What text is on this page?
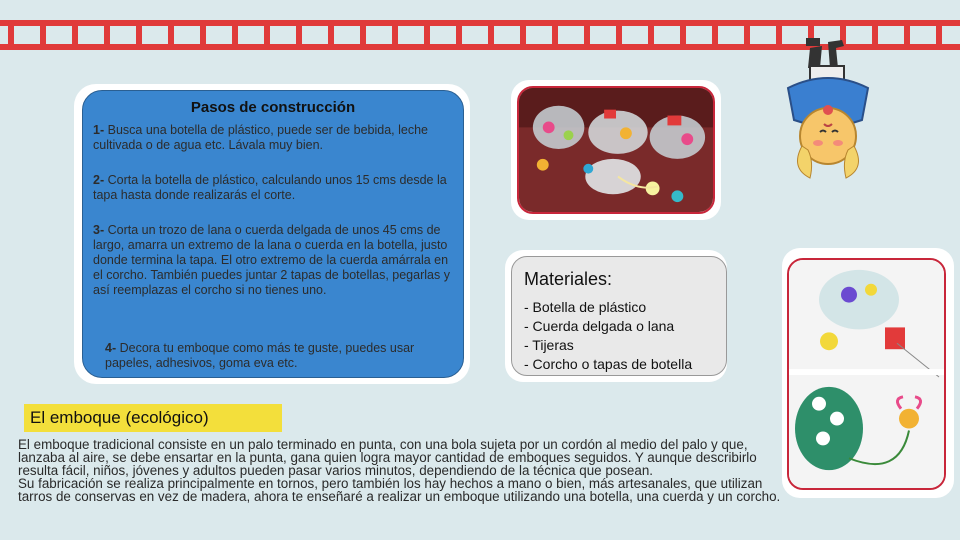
Pasos de construcción
1- Busca una botella de plástico, puede ser de bebida, leche cultivada o de agua etc. Lávala muy bien.
2- Corta la botella de plástico, calculando unos 15 cms desde la tapa hasta donde realizarás el corte.
3- Corta un trozo de lana o cuerda delgada de unos 45 cms de largo, amarra un extremo de la lana o cuerda en la botella, justo donde termina la tapa. El otro extremo de la cuerda amárrala en el corcho. También puedes juntar 2 tapas de botellas, pegarlas y así reemplazas el corcho si no tienes uno.
4- Decora tu emboque como más te guste, puedes usar papeles, adhesivos, goma eva etc.
Materiales:
- Botella de plástico
- Cuerda delgada o lana
- Tijeras
- Corcho o tapas de botella
El emboque (ecológico)

El emboque tradicional consiste en un palo terminado en punta, con una bola sujeta por un cordón al medio del palo y que, lanzaba al aire, se debe ensartar en la punta, gana quien logra mayor cantidad de emboques seguidos. Y aunque describirlo resulta fácil, niños, jóvenes y adultos pueden pasar varios minutos, dependiendo de la técnica que posean.

Su fabricación se realiza principalmente en tornos, pero también los hay hechos a mano o bien, más artesanales, que utilizan tarros de conservas en vez de madera, ahora te enseñaré a realizar un emboque utilizando una botella, una cuerda y un corcho.
